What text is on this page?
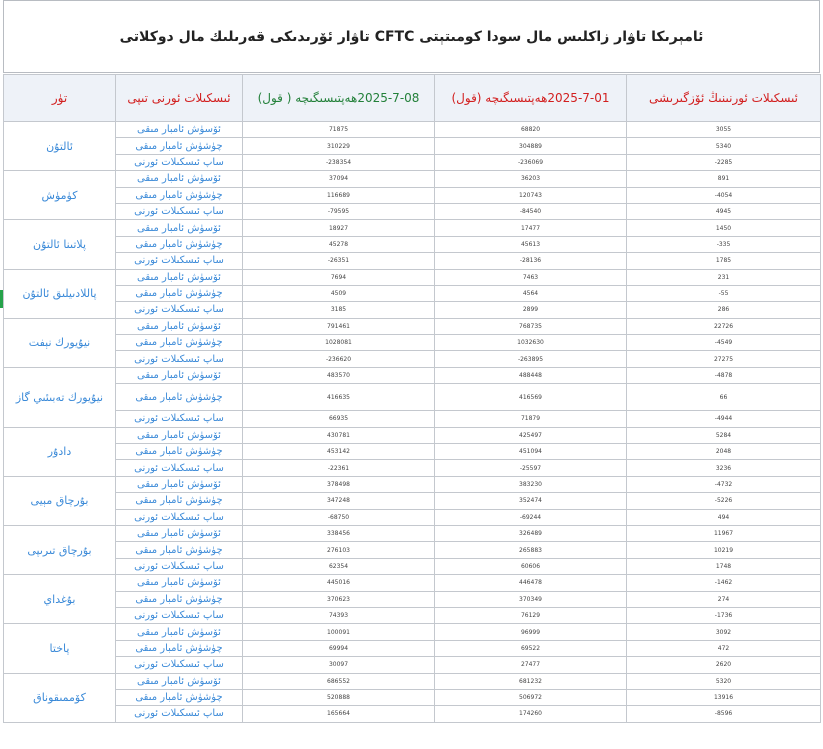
ئامېرىكا تاۋار زاكلىس مال سودا كومىتېتى CFTC تاۋار ئۆرىدىكى قەرىلىك مال دوكلاتى
تۈر	ئىسكىلات ئورنى تىپى	2025-7-08ھەپتىسىگىچە ( قول)	2025-7-01ھەپتىسىگىچە (قول)	ئىسكىلات ئورنىنىڭ ئۆزگىرىشى
ئالتۇن	ئۆسۈش ئامبار مىقى	71875	68820	3055
	چۈشۈش ئامبار مىقى	310229	304889	5340
	ساپ ئىسكىلات ئورنى	-238354	-236069	-2285
كۈمۈش	ئۆسۈش ئامبار مىقى	37094	36203	891
	چۈشۈش ئامبار مىقى	116689	120743	-4054
	ساپ ئىسكىلات ئورنى	-79595	-84540	4945
پلاتىنا ئالتۇن	ئۆسۈش ئامبار مىقى	18927	17477	1450
	چۈشۈش ئامبار مىقى	45278	45613	-335
	ساپ ئىسكىلات ئورنى	-26351	-28136	1785
پاللادىيلىق ئالتۇن	ئۆسۈش ئامبار مىقى	7694	7463	231
	چۈشۈش ئامبار مىقى	4509	4564	-55
	ساپ ئىسكىلات ئورنى	3185	2899	286
نيۇيورك نېفت	ئۆسۈش ئامبار مىقى	791461	768735	22726
	چۈشۈش ئامبار مىقى	1028081	1032630	-4549
	ساپ ئىسكىلات ئورنى	-236620	-263895	27275
نيۇيورك تەبىئىي گاز	ئۆسۈش ئامبار مىقى	483570	488448	-4878
	چۈشۈش ئامبار مىقى	416635	416569	66
	ساپ ئىسكىلات ئورنى	66935	71879	-4944
دادۇر	ئۆسۈش ئامبار مىقى	430781	425497	5284
	چۈشۈش ئامبار مىقى	453142	451094	2048
	ساپ ئىسكىلات ئورنى	-22361	-25597	3236
بۇرچاق مېيى	ئۆسۈش ئامبار مىقى	378498	383230	-4732
	چۈشۈش ئامبار مىقى	347248	352474	-5226
	ساپ ئىسكىلات ئورنى	-68750	-69244	494
بۇرچاق تىرىپى	ئۆسۈش ئامبار مىقى	338456	326489	11967
	چۈشۈش ئامبار مىقى	276103	265883	10219
	ساپ ئىسكىلات ئورنى	62354	60606	1748
بۇغداي	ئۆسۈش ئامبار مىقى	445016	446478	-1462
	چۈشۈش ئامبار مىقى	370623	370349	274
	ساپ ئىسكىلات ئورنى	74393	76129	-1736
پاختا	ئۆسۈش ئامبار مىقى	100091	96999	3092
	چۈشۈش ئامبار مىقى	69994	69522	472
	ساپ ئىسكىلات ئورنى	30097	27477	2620
كۆممىقوناق	ئۆسۈش ئامبار مىقى	686552	681232	5320
	چۈشۈش ئامبار مىقى	520888	506972	13916
	ساپ ئىسكىلات ئورنى	165664	174260	-8596
